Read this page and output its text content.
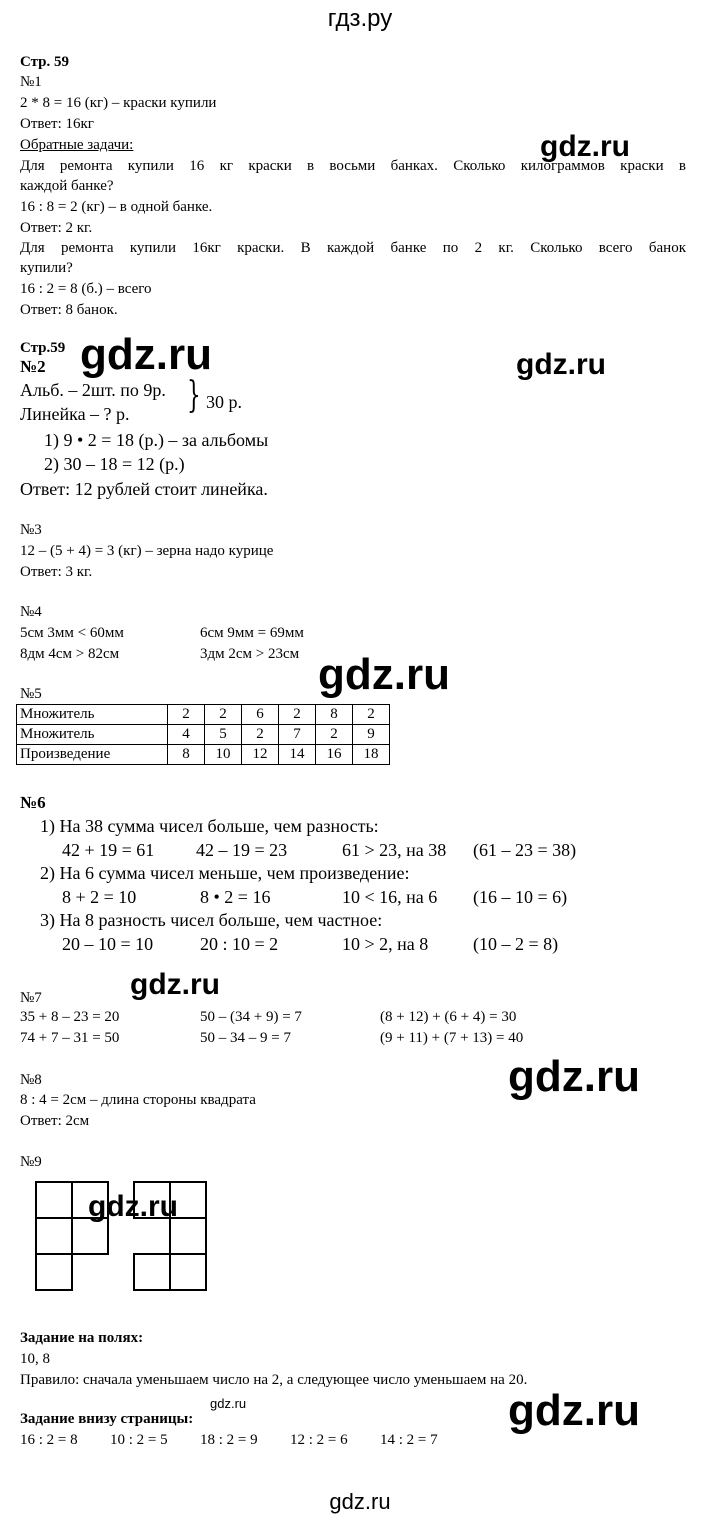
гдз.ру
Стр. 59
№1
2 * 8 = 16 (кг) – краски купили
Ответ: 16кг
Обратные задачи:
Для ремонта купили 16 кг краски в восьми банках. Сколько килограммов краски в
каждой банке?
16 : 8 = 2 (кг) – в одной банке.
Ответ: 2 кг.
Для ремонта купили 16кг краски. В каждой банке по 2 кг. Сколько всего банок
купили?
16 : 2 = 8 (б.) – всего
Ответ: 8 банок.
Стр.59
№2
Альб. – 2шт. по 9р.
Линейка – ? р. } 30 р.
1) 9 • 2 = 18 (р.) – за альбомы
2) 30 – 18 = 12 (р.)
Ответ: 12 рублей стоит линейка.
№3
12 – (5 + 4) = 3 (кг) – зерна надо курице
Ответ: 3 кг.
№4
5см 3мм < 60мм	6см 9мм = 69мм
8дм 4см > 82см	3дм 2см > 23см
№5
Множитель	2	2	6	2	8	2
Множитель	4	5	2	7	2	9
Произведение	8	10	12	14	16	18
№6
1) На 38 сумма чисел больше, чем разность:
42 + 19 = 61 42 – 19 = 23	61 > 23, на 38 (61 – 23 = 38)
2) На 6 сумма чисел меньше, чем произведение:
8 + 2 = 10	8 • 2 = 16	10 < 16, на 6 (16 – 10 = 6)
3) На 8 разность чисел больше, чем частное:
20 – 10 = 10	20 : 10 = 2	10 > 2, на 8 (10 – 2 = 8)
№7
35 + 8 – 23 = 20	50 – (34 + 9) = 7	(8 + 12) + (6 + 4) = 30
74 + 7 – 31 = 50	50 – 34 – 9 = 7	(9 + 11) + (7 + 13) = 40
№8
8 : 4 = 2см – длина стороны квадрата
Ответ: 2см
№9
Задание на полях:
10, 8
Правило: сначала уменьшаем число на 2, а следующее число уменьшаем на 20.
Задание внизу страницы:
16 : 2 = 8 10 : 2 = 5 18 : 2 = 9 12 : 2 = 6 14 : 2 = 7
gdz.ru
gdz.ru	gdz.ru
gdz.ru
gdz.ru
gdz.ru
gdz.ru
gdz.ru	gdz.ru
gdz.ru
